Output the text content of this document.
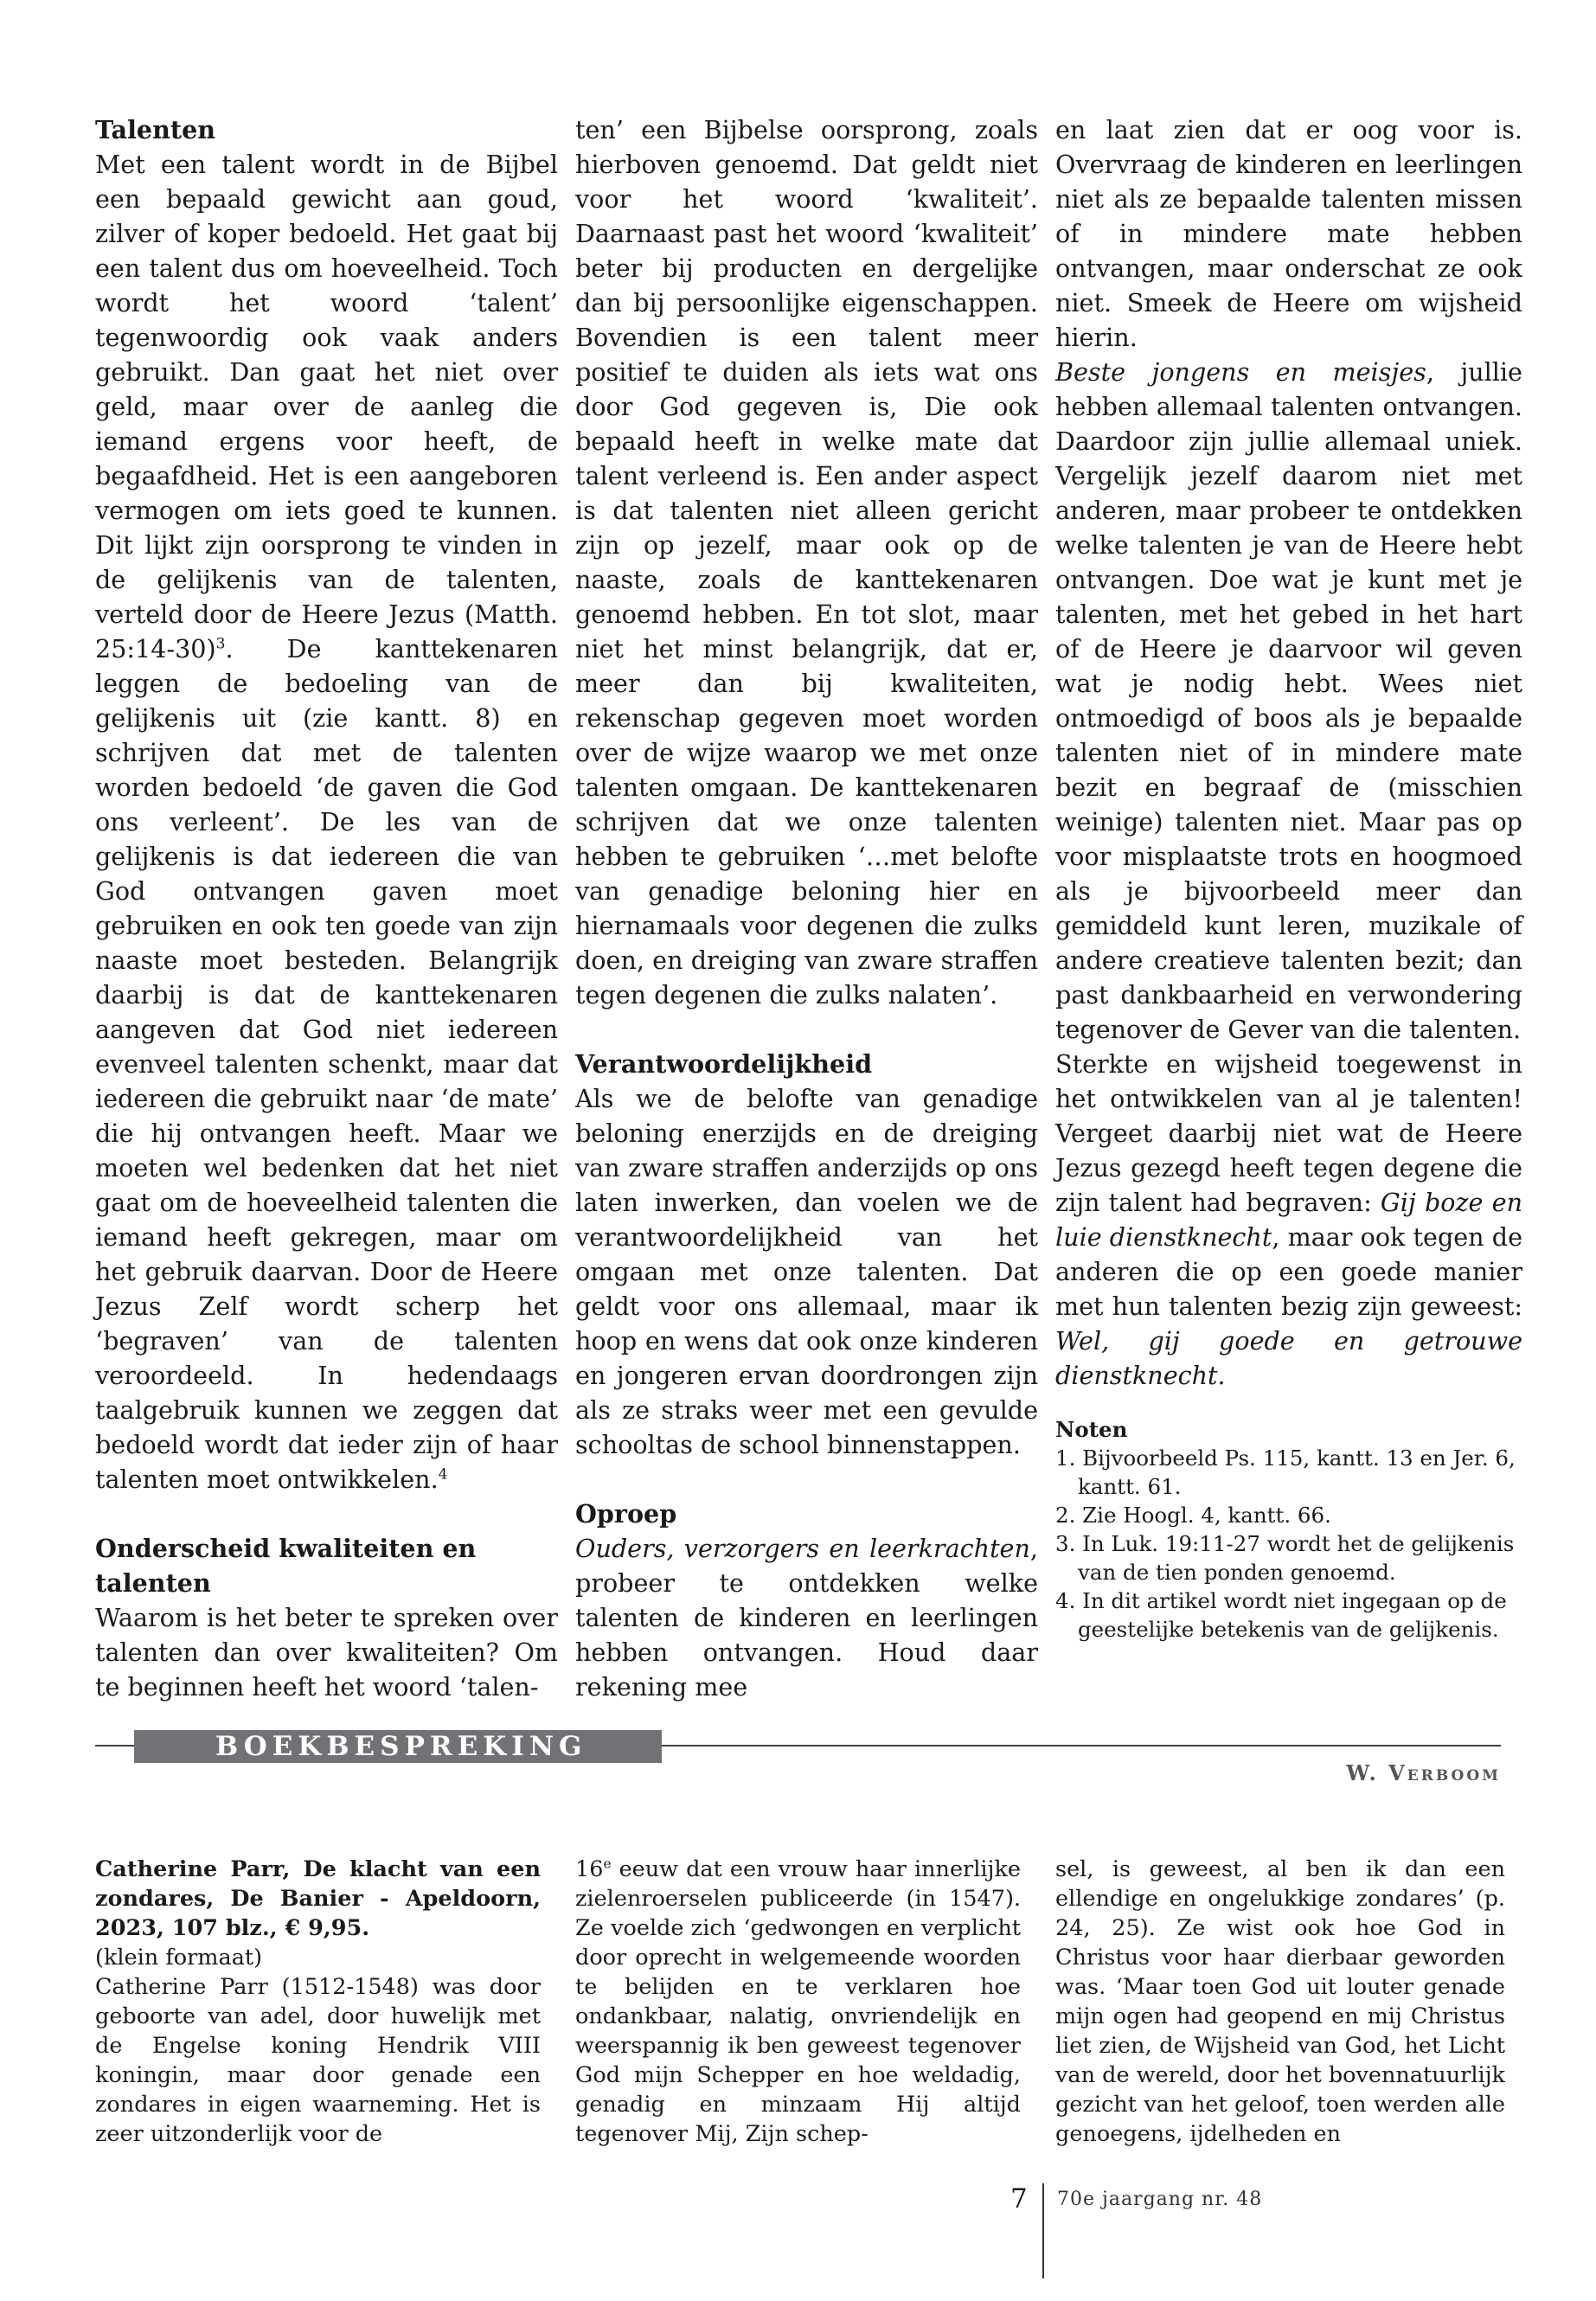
Talenten

Met een talent wordt in de Bijbel een bepaald gewicht aan goud, zilver of koper bedoeld. Het gaat bij een talent dus om hoeveelheid. Toch wordt het woord ‘talent’ tegenwoordig ook vaak anders gebruikt. Dan gaat het niet over geld, maar over de aanleg die iemand ergens voor heeft, de begaafdheid. Het is een aangeboren vermogen om iets goed te kunnen. Dit lijkt zijn oorsprong te vinden in de gelijkenis van de talenten, verteld door de Heere Jezus (Matth. 25:14-30)$^3$. De kanttekenaren leggen de bedoeling van de gelijkenis uit (zie kantt. 8) en schrijven dat met de talenten worden bedoeld ‘de gaven die God ons verleent’. De les van de gelijkenis is dat iedereen die van God ontvangen gaven moet gebruiken en ook ten goede van zijn naaste moet besteden. Belangrijk daarbij is dat de kanttekenaren aangeven dat God niet iedereen evenveel talenten schenkt, maar dat iedereen die gebruikt naar ‘de mate’ die hij ontvangen heeft. Maar we moeten wel bedenken dat het niet gaat om de hoeveelheid talenten die iemand heeft gekregen, maar om het gebruik daarvan. Door de Heere Jezus Zelf wordt scherp het ‘begraven’ van de talenten veroordeeld. In hedendaags taalgebruik kunnen we zeggen dat bedoeld wordt dat ieder zijn of haar talenten moet ontwikkelen.$^4$

Onderscheid kwaliteiten en talenten

Waarom is het beter te spreken over talenten dan over kwaliteiten? Om te beginnen heeft het woord ‘talen-

ten’ een Bijbelse oorsprong, zoals hierboven genoemd. Dat geldt niet voor het woord ‘kwaliteit’. Daarnaast past het woord ‘kwaliteit’ beter bij producten en dergelijke dan bij persoonlijke eigenschappen. Bovendien is een talent meer positief te duiden als iets wat ons door God gegeven is, Die ook bepaald heeft in welke mate dat talent verleend is. Een ander aspect is dat talenten niet alleen gericht zijn op jezelf, maar ook op de naaste, zoals de kanttekenaren genoemd hebben. En tot slot, maar niet het minst belangrijk, dat er, meer dan bij kwaliteiten, rekenschap gegeven moet worden over de wijze waarop we met onze talenten omgaan. De kanttekenaren schrijven dat we onze talenten hebben te gebruiken ‘…met belofte van genadige beloning hier en hiernamaals voor degenen die zulks doen, en dreiging van zware straffen tegen degenen die zulks nalaten’.

Verantwoordelijkheid

Als we de belofte van genadige beloning enerzijds en de dreiging van zware straffen anderzijds op ons laten inwerken, dan voelen we de verantwoordelijkheid van het omgaan met onze talenten. Dat geldt voor ons allemaal, maar ik hoop en wens dat ook onze kinderen en jongeren ervan doordrongen zijn als ze straks weer met een gevulde schooltas de school binnenstappen.

Oproep

Ouders, verzorgers en leerkrachten, probeer te ontdekken welke talenten de kinderen en leerlingen hebben ontvangen. Houd daar rekening mee

en laat zien dat er oog voor is. Overvraag de kinderen en leerlingen niet als ze bepaalde talenten missen of in mindere mate hebben ontvangen, maar onderschat ze ook niet. Smeek de Heere om wijsheid hierin.

Beste jongens en meisjes, jullie hebben allemaal talenten ontvangen. Daardoor zijn jullie allemaal uniek. Vergelijk jezelf daarom niet met anderen, maar probeer te ontdekken welke talenten je van de Heere hebt ontvangen. Doe wat je kunt met je talenten, met het gebed in het hart of de Heere je daarvoor wil geven wat je nodig hebt. Wees niet ontmoedigd of boos als je bepaalde talenten niet of in mindere mate bezit en begraaf de (misschien weinige) talenten niet. Maar pas op voor misplaatste trots en hoogmoed als je bijvoorbeeld meer dan gemiddeld kunt leren, muzikale of andere creatieve talenten bezit; dan past dankbaarheid en verwondering tegenover de Gever van die talenten.

Sterkte en wijsheid toegewenst in het ontwikkelen van al je talenten! Vergeet daarbij niet wat de Heere Jezus gezegd heeft tegen degene die zijn talent had begraven: Gij boze en luie dienstknecht, maar ook tegen de anderen die op een goede manier met hun talenten bezig zijn geweest: Wel, gij goede en getrouwe dienstknecht.

Noten
1. Bijvoorbeeld Ps. 115, kantt. 13 en Jer. 6, kantt. 61.
2. Zie Hoogl. 4, kantt. 66.
3. In Luk. 19:11-27 wordt het de gelijkenis van de tien ponden genoemd.
4. In dit artikel wordt niet ingegaan op de geestelijke betekenis van de gelijkenis.
BOEKBESPREKING
W. Verboom

Catherine Parr, De klacht van een zondares, De Banier - Apeldoorn, 2023, 107 blz., € 9,95.

(klein formaat)

Catherine Parr (1512-1548) was door geboorte van adel, door huwelijk met de Engelse koning Hendrik VIII koningin, maar door genade een zondares in eigen waarneming. Het is zeer uitzonderlijk voor de

16e eeuw dat een vrouw haar innerlijke zielenroerselen publiceerde (in 1547). Ze voelde zich ‘gedwongen en verplicht door oprecht in welgemeende woorden te belijden en te verklaren hoe ondankbaar, nalatig, onvriendelijk en weerspannig ik ben geweest tegenover God mijn Schepper en hoe weldadig, genadig en minzaam Hij altijd tegenover Mij, Zijn schep-

sel, is geweest, al ben ik dan een ellendige en ongelukkige zondares’ (p. 24, 25). Ze wist ook hoe God in Christus voor haar dierbaar geworden was. ‘Maar toen God uit louter genade mijn ogen had geopend en mij Christus liet zien, de Wijsheid van God, het Licht van de wereld, door het bovennatuurlijk gezicht van het geloof, toen werden alle genoegens, ijdelheden en

7 70e jaargang nr. 48
